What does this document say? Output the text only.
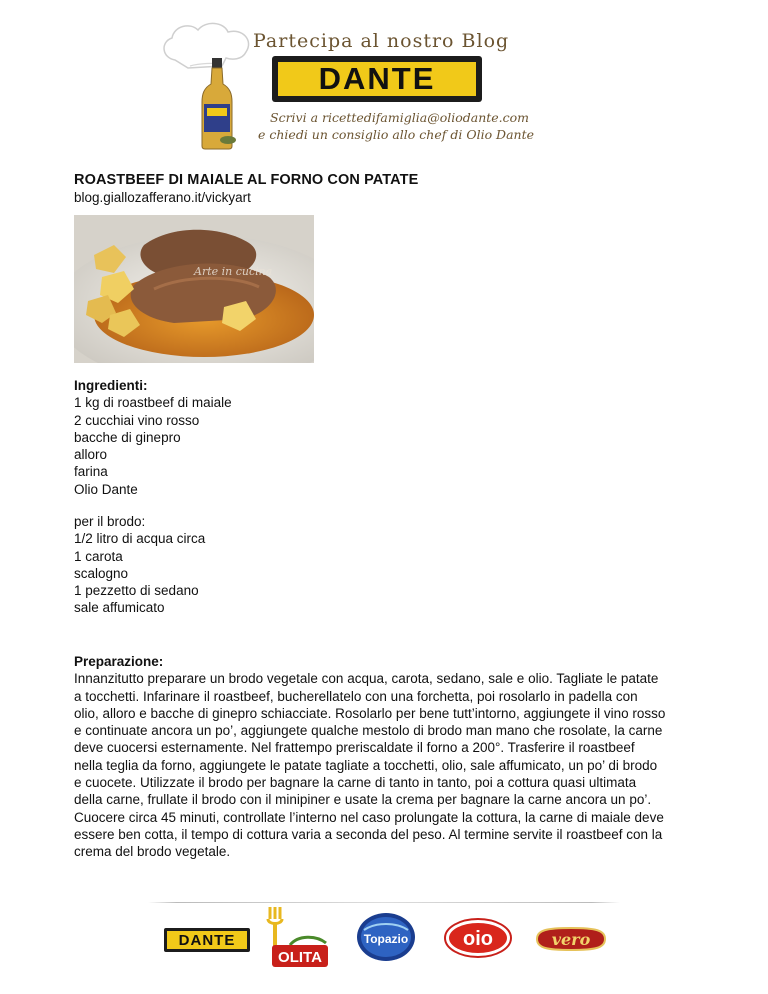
Partecipa al nostro Blog
DANTE
Scrivi a ricettedifamiglia@oliodante.com
e chiedi un consiglio allo chef di Olio Dante
ROASTBEEF DI MAIALE AL FORNO CON PATATE
blog.giallozafferano.it/vickyart
Arte in cucina
Ingredienti:
1 kg di roastbeef di maiale
2 cucchiai vino rosso
bacche di ginepro
alloro
farina
Olio Dante
per il brodo:
1/2 litro di acqua circa
1 carota
scalogno
1 pezzetto di sedano
sale affumicato
Preparazione:
Innanzitutto preparare un brodo vegetale con acqua, carota, sedano, sale e olio. Tagliate le patate
a tocchetti. Infarinare il roastbeef, bucherellatelo con una forchetta, poi rosolarlo in padella con
olio, alloro e bacche di ginepro schiacciate. Rosolarlo per bene tutt’intorno, aggiungete il vino rosso
e continuate ancora un po’, aggiungete qualche mestolo di brodo man mano che rosolate, la carne
deve cuocersi esternamente. Nel frattempo preriscaldate il forno a 200°. Trasferire il roastbeef
nella teglia da forno, aggiungete le patate tagliate a tocchetti, olio, sale affumicato, un po’ di brodo
e cuocete. Utilizzate il brodo per bagnare la carne di tanto in tanto, poi a cottura quasi ultimata
della carne, frullate il brodo con il minipiner e usate la crema per bagnare la carne ancora un po’.
Cuocere circa 45 minuti, controllate l’interno nel caso prolungate la cottura, la carne di maiale deve
essere ben cotta, il tempo di cottura varia a seconda del peso. Al termine servite il roastbeef con la
crema del brodo vegetale.
DANTE
OLITA
Topazio	oio	vero
